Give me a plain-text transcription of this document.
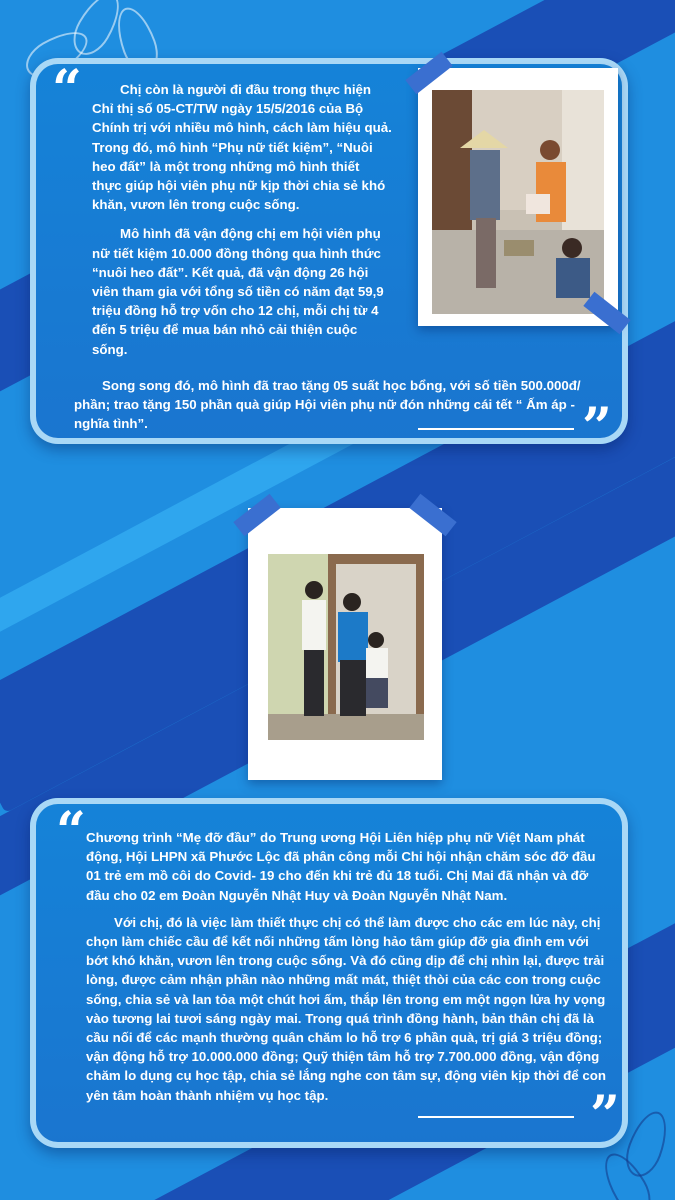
“	Chị còn là người đi đầu trong thực hiện Chỉ thị số 05-CT/TW ngày 15/5/2016 của Bộ Chính trị với nhiều mô hình, cách làm hiệu quả. Trong đó, mô hình “Phụ nữ tiết kiệm”, “Nuôi heo đất” là một trong những mô hình thiết thực giúp hội viên phụ nữ kịp thời chia sẻ khó khăn, vươn lên trong cuộc sống.

Mô hình đã vận động chị em hội viên phụ nữ tiết kiệm 10.000 đồng thông qua hình thức “nuôi heo đất”. Kết quả, đã vận động 26 hội viên tham gia với tổng số tiền có năm đạt 59,9 triệu đồng hỗ trợ vốn cho 12 chị, mỗi chị từ 4 đến 5 triệu để mua bán nhỏ cải thiện cuộc sống.

Song song đó, mô hình đã trao tặng 05 suất học bổng, với số tiền 500.000đ/ phần; trao tặng 150 phần quà giúp Hội viên phụ nữ đón những cái tết “ Ấm áp - nghĩa tình”.	”
“ Chương trình “Mẹ đỡ đầu” do Trung ương Hội Liên hiệp phụ nữ Việt Nam phát động, Hội LHPN xã Phước Lộc đã phân công mỗi Chi hội nhận chăm sóc đỡ đầu 01 trẻ em mồ côi do Covid- 19 cho đến khi trẻ đủ 18 tuổi. Chị Mai đã nhận và đỡ đầu cho 02 em Đoàn Nguyễn Nhật Huy và Đoàn Nguyễn Nhật Nam.

Với chị, đó là việc làm thiết thực chị có thể làm được cho các em lúc này, chị chọn làm chiếc cầu để kết nối những tấm lòng hảo tâm giúp đỡ gia đình em với bớt khó khăn, vươn lên trong cuộc sống. Và đó cũng dịp để chị nhìn lại, được trải lòng, được cảm nhận phần nào những mất mát, thiệt thòi của các con trong cuộc sống, chia sẻ và lan tỏa một chút hơi ấm, thắp lên trong em một ngọn lửa hy vọng vào tương lai tươi sáng ngày mai. Trong quá trình đồng hành, bản thân chị đã là cầu nối để các mạnh thường quân chăm lo hỗ trợ 6 phần quà, trị giá 3 triệu đồng; vận động hỗ trợ 10.000.000 đồng; Quỹ thiện tâm hỗ trợ 7.700.000 đồng, vận động chăm lo dụng cụ học tập, chia sẻ lắng nghe con tâm sự, động viên kịp thời để con yên tâm hoàn thành nhiệm vụ học tập.	”
